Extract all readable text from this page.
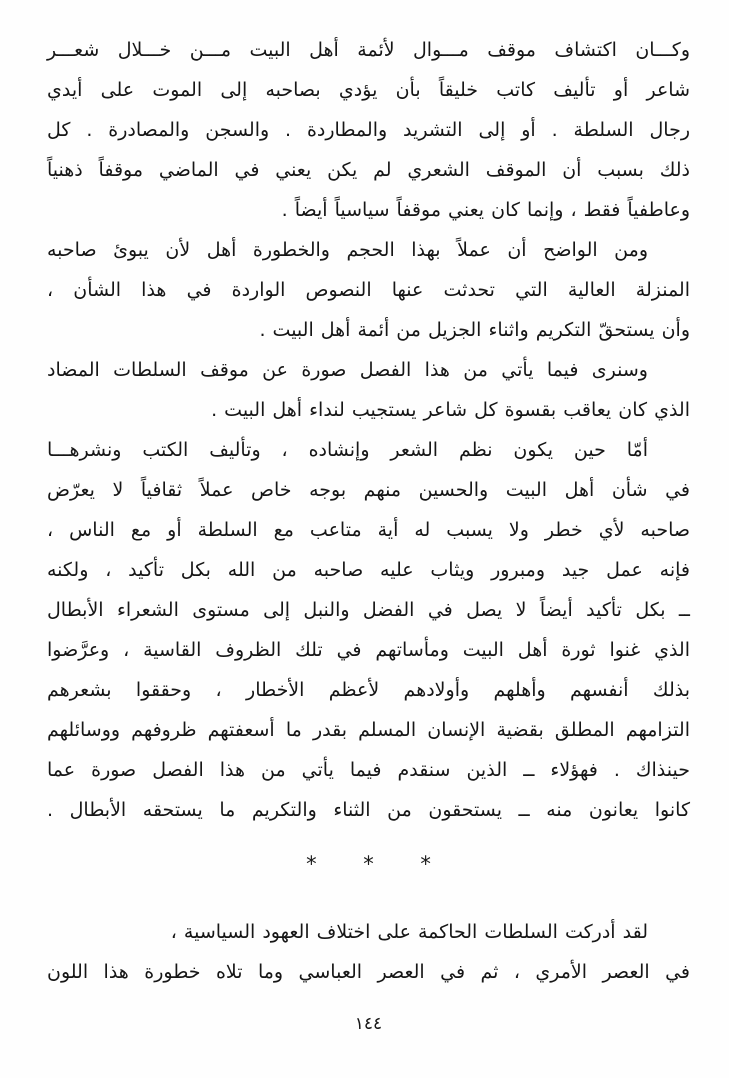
وكـــان اكتشاف موقف مـــوال لأئمة أهل البيت مـــن خـــلال شعـــر
شاعر أو تأليف كاتب خليقاً بأن يؤدي بصاحبه إلى الموت على أيدي
رجال السلطة . أو إلى التشريد والمطاردة . والسجن والمصادرة . كل
ذلك بسبب أن الموقف الشعري لم يكن يعني في الماضي موقفاً ذهنياً
وعاطفياً فقط ، وإنما كان يعني موقفاً سياسياً أيضاً .
ومن الواضح أن عملاً بهذا الحجم والخطورة أهل لأن يبوئ صاحبه
المنزلة العالية التي تحدثت عنها النصوص الواردة في هذا الشأن ،
وأن يستحقّ التكريم واثناء الجزيل من أئمة أهل البيت .
وسنرى فيما يأتي من هذا الفصل صورة عن موقف السلطات المضاد
الذي كان يعاقب بقسوة كل شاعر يستجيب لنداء أهل البيت .
أمّا حين يكون نظم الشعر وإنشاده ، وتأليف الكتب ونشرهـــا
في شأن أهل البيت والحسين منهم بوجه خاص عملاً ثقافياً لا يعرّض
صاحبه لأي خطر ولا يسبب له أية متاعب مع السلطة أو مع الناس ،
فإنه عمل جيد ومبرور ويثاب عليه صاحبه من الله بكل تأكيد ، ولكنه
ــ بكل تأكيد أيضاً لا يصل في الفضل والنبل إلى مستوى الشعراء الأبطال
الذي غنوا ثورة أهل البيت ومأساتهم في تلك الظروف القاسية ، وعرَّضوا
بذلك أنفسهم وأهلهم وأولادهم لأعظم الأخطار ، وحققوا بشعرهم
التزامهم المطلق بقضية الإنسان المسلم بقدر ما أسعفتهم ظروفهم ووسائلهم
حينذاك . فهؤلاء ــ الذين سنقدم فيما يأتي من هذا الفصل صورة عما
كانوا يعانون منه ــ يستحقون من الثناء والتكريم ما يستحقه الأبطال .
* * *
لقد أدركت السلطات الحاكمة على اختلاف العهود السياسية ،
في العصر الأمري ، ثم في العصر العباسي وما تلاه خطورة هذا اللون
١٤٤
